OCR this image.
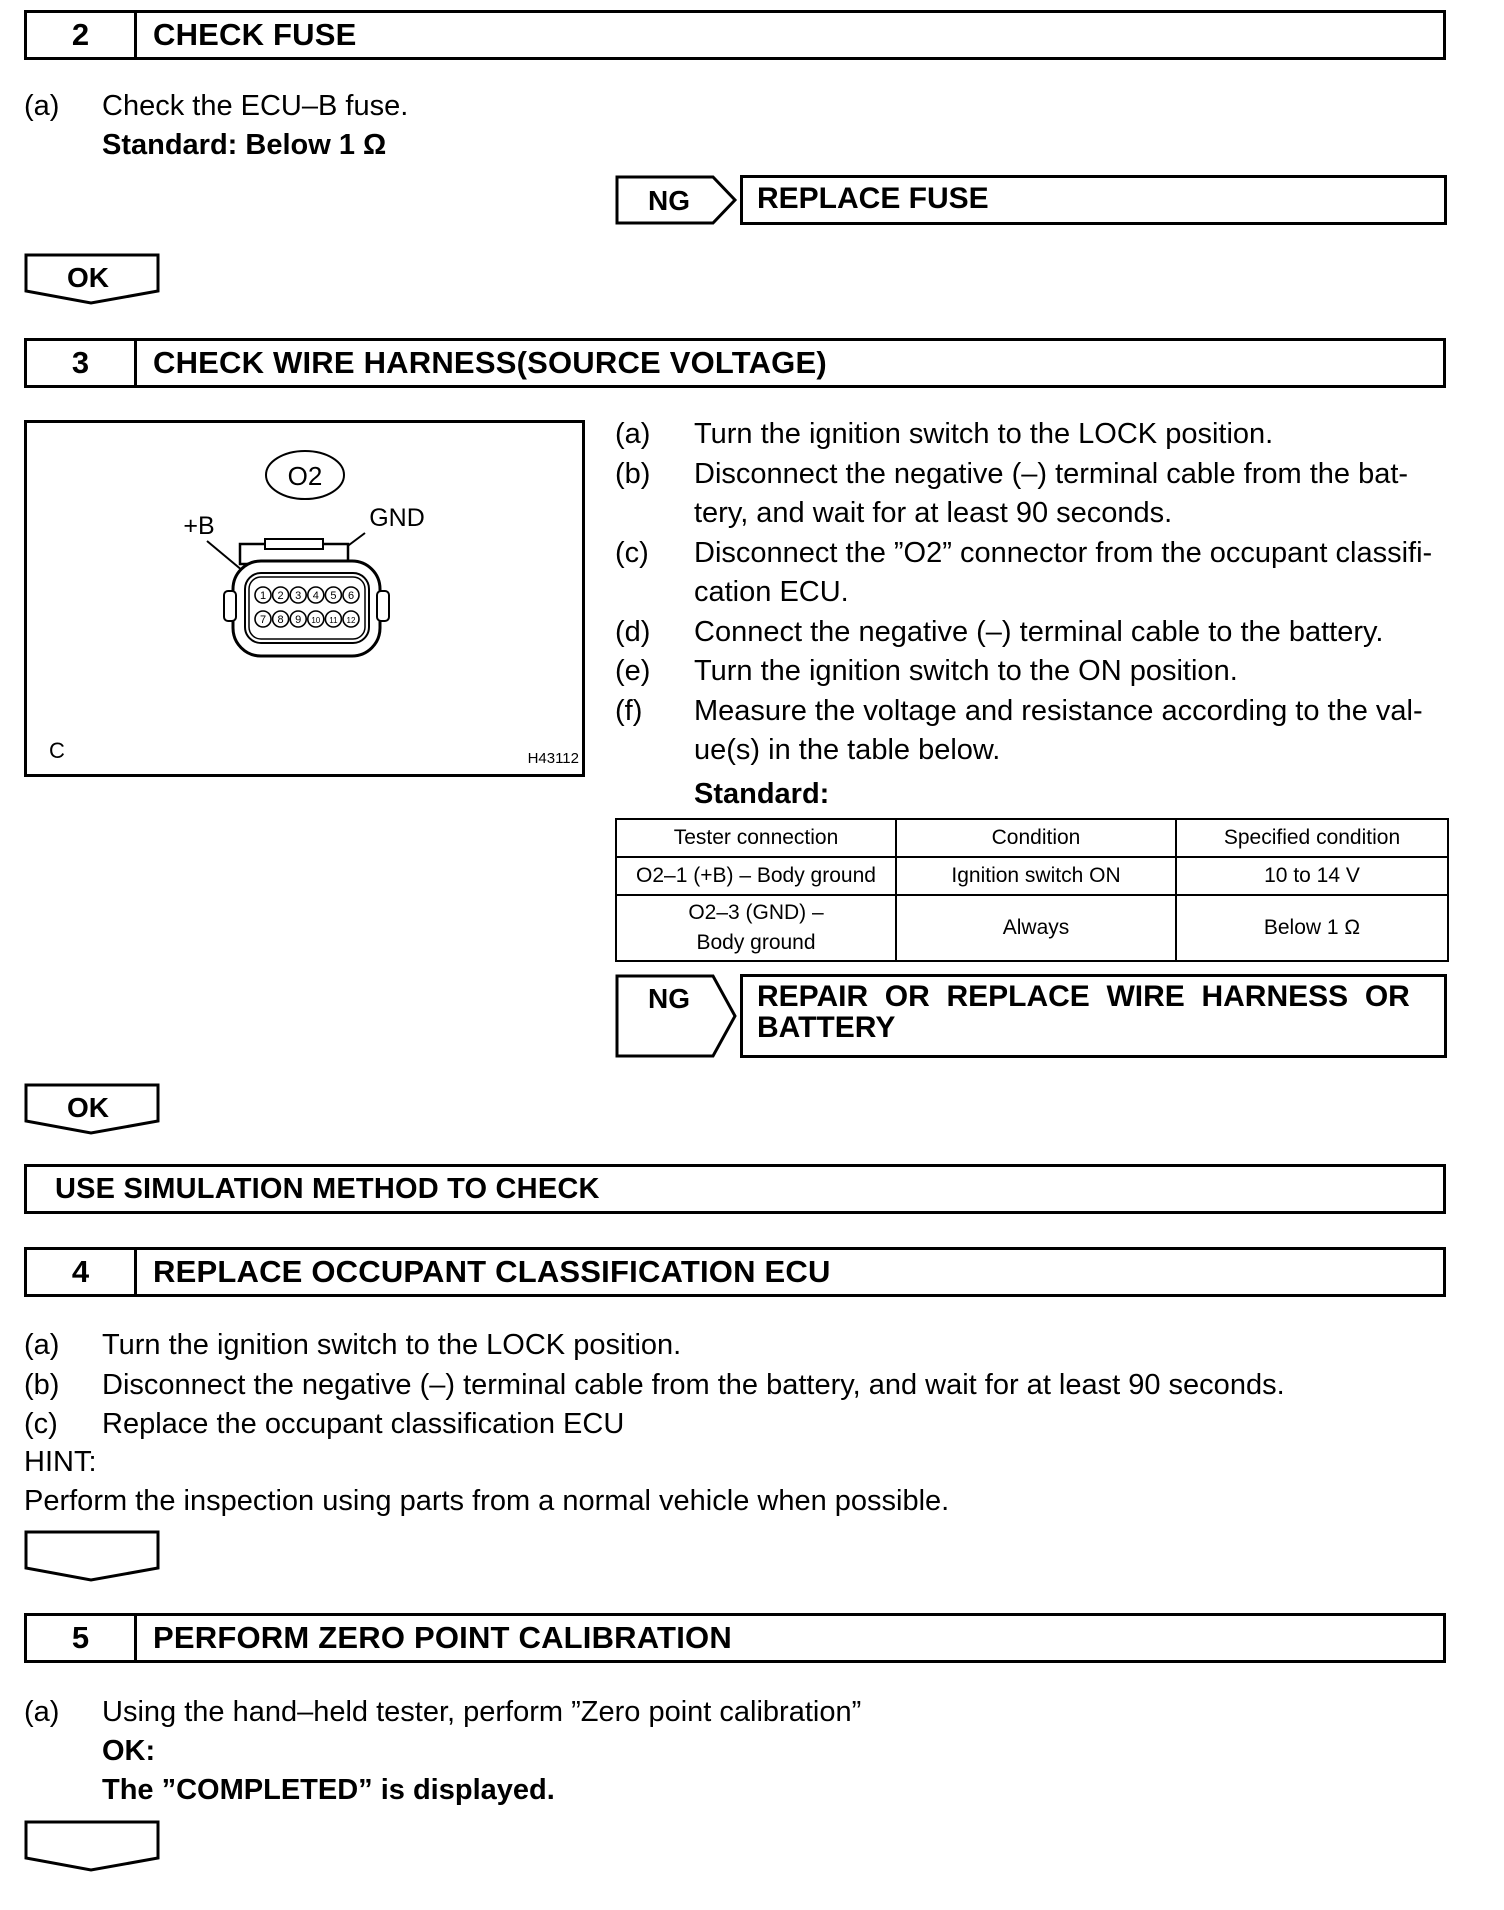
2	CHECK FUSE
(a) Check the ECU–B fuse.
Standard: Below 1 Ω
NG REPLACE FUSE
OK
3	CHECK WIRE HARNESS(SOURCE VOLTAGE)
O2
+B	GND
1 2 3 4 5 6
7 8 9 10 11 12
C	H43112
(a) Turn the ignition switch to the LOCK position.
(b) Disconnect the negative (–) terminal cable from the bat-
tery, and wait for at least 90 seconds.
(c) Disconnect the ”O2” connector from the occupant classifi-
cation ECU.
(d) Connect the negative (–) terminal cable to the battery.
(e) Turn the ignition switch to the ON position.
(f) Measure the voltage and resistance according to the val-
ue(s) in the table below.
Standard:
Tester connection	Condition	Specified condition
O2–1 (+B) – Body ground	Ignition switch ON	10 to 14 V
O2–3 (GND) –
Body ground	Always	Below 1 Ω
NG REPAIR  OR  REPLACE  WIRE  HARNESS  OR
BATTERY
OK
USE SIMULATION METHOD TO CHECK
4	REPLACE OCCUPANT CLASSIFICATION ECU
(a) Turn the ignition switch to the LOCK position.
(b) Disconnect the negative (–) terminal cable from the battery, and wait for at least 90 seconds.
(c) Replace the occupant classification ECU
HINT:
Perform the inspection using parts from a normal vehicle when possible.
5	PERFORM ZERO POINT CALIBRATION
(a) Using the hand–held tester, perform ”Zero point calibration”
OK:
The ”COMPLETED” is displayed.
